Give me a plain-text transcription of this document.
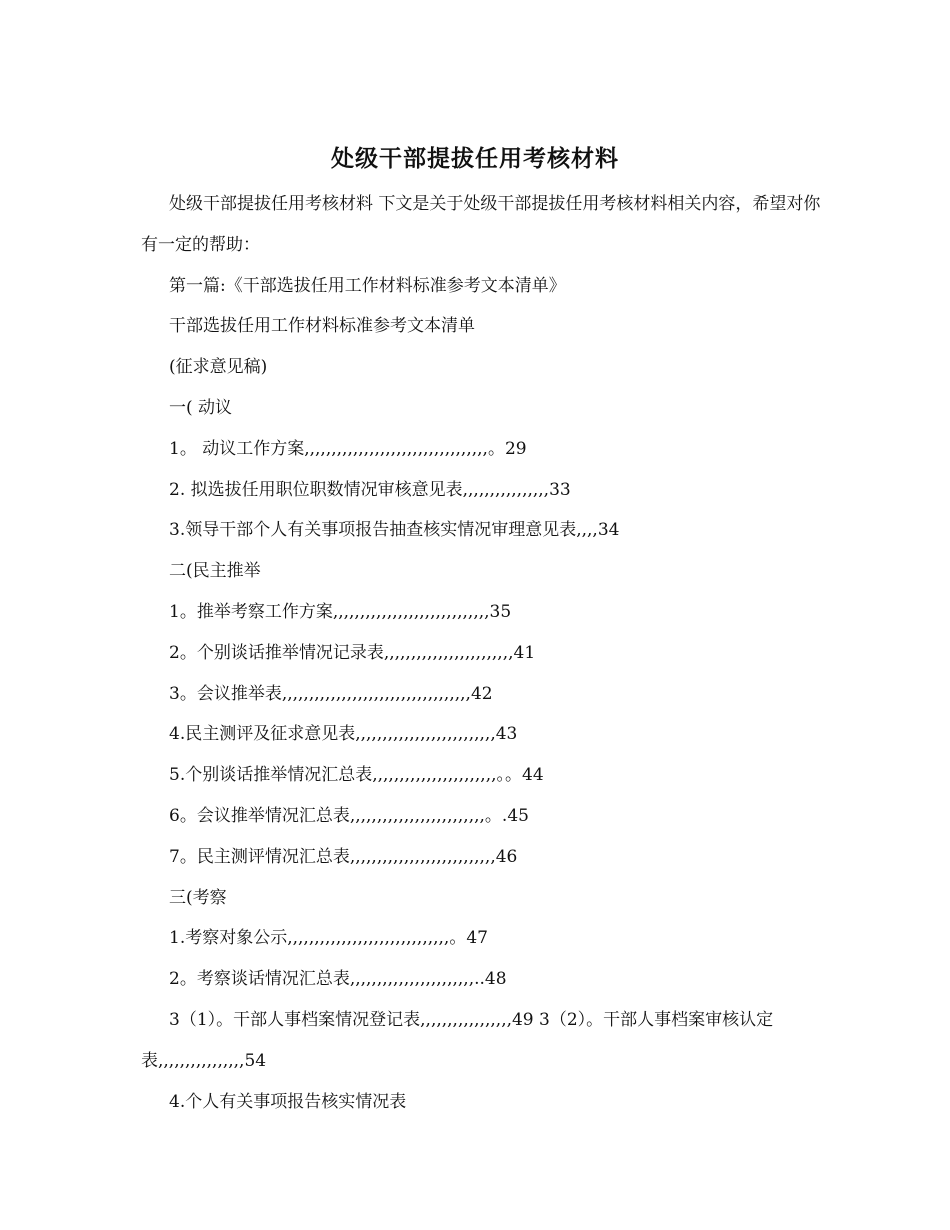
处级干部提拔任用考核材料

处级干部提拔任用考核材料 下文是关于处级干部提拔任用考核材料相关内容，希望对你有一定的帮助：

第一篇:《干部选拔任用工作材料标准参考文本清单》

干部选拔任用工作材料标准参考文本清单

(征求意见稿)

一( 动议

1。 动议工作方案,,,,,,,,,,,,,,,,,,,,,,,,,,,,,,,,,,。29

2. 拟选拔任用职位职数情况审核意见表,,,,,,,,,,,,,,,,33

3.领导干部个人有关事项报告抽查核实情况审理意见表,,,,34

二(民主推举

1。推举考察工作方案,,,,,,,,,,,,,,,,,,,,,,,,,,,,,35

2。个别谈话推举情况记录表,,,,,,,,,,,,,,,,,,,,,,,,41

3。会议推举表,,,,,,,,,,,,,,,,,,,,,,,,,,,,,,,,,,,42

4.民主测评及征求意见表,,,,,,,,,,,,,,,,,,,,,,,,,,43

5.个别谈话推举情况汇总表,,,,,,,,,,,,,,,,,,,,,,,。。44

6。会议推举情况汇总表,,,,,,,,,,,,,,,,,,,,,,,,,。.45

7。民主测评情况汇总表,,,,,,,,,,,,,,,,,,,,,,,,,,,46

三(考察

1.考察对象公示,,,,,,,,,,,,,,,,,,,,,,,,,,,,,,。47

2。考察谈话情况汇总表,,,,,,,,,,,,,,,,,,,,,,,..48

3（1）。干部人事档案情况登记表,,,,,,,,,,,,,,,,,49 3（2）。干部人事档案审核认定表,,,,,,,,,,,,,,,,54

4.个人有关事项报告核实情况表
